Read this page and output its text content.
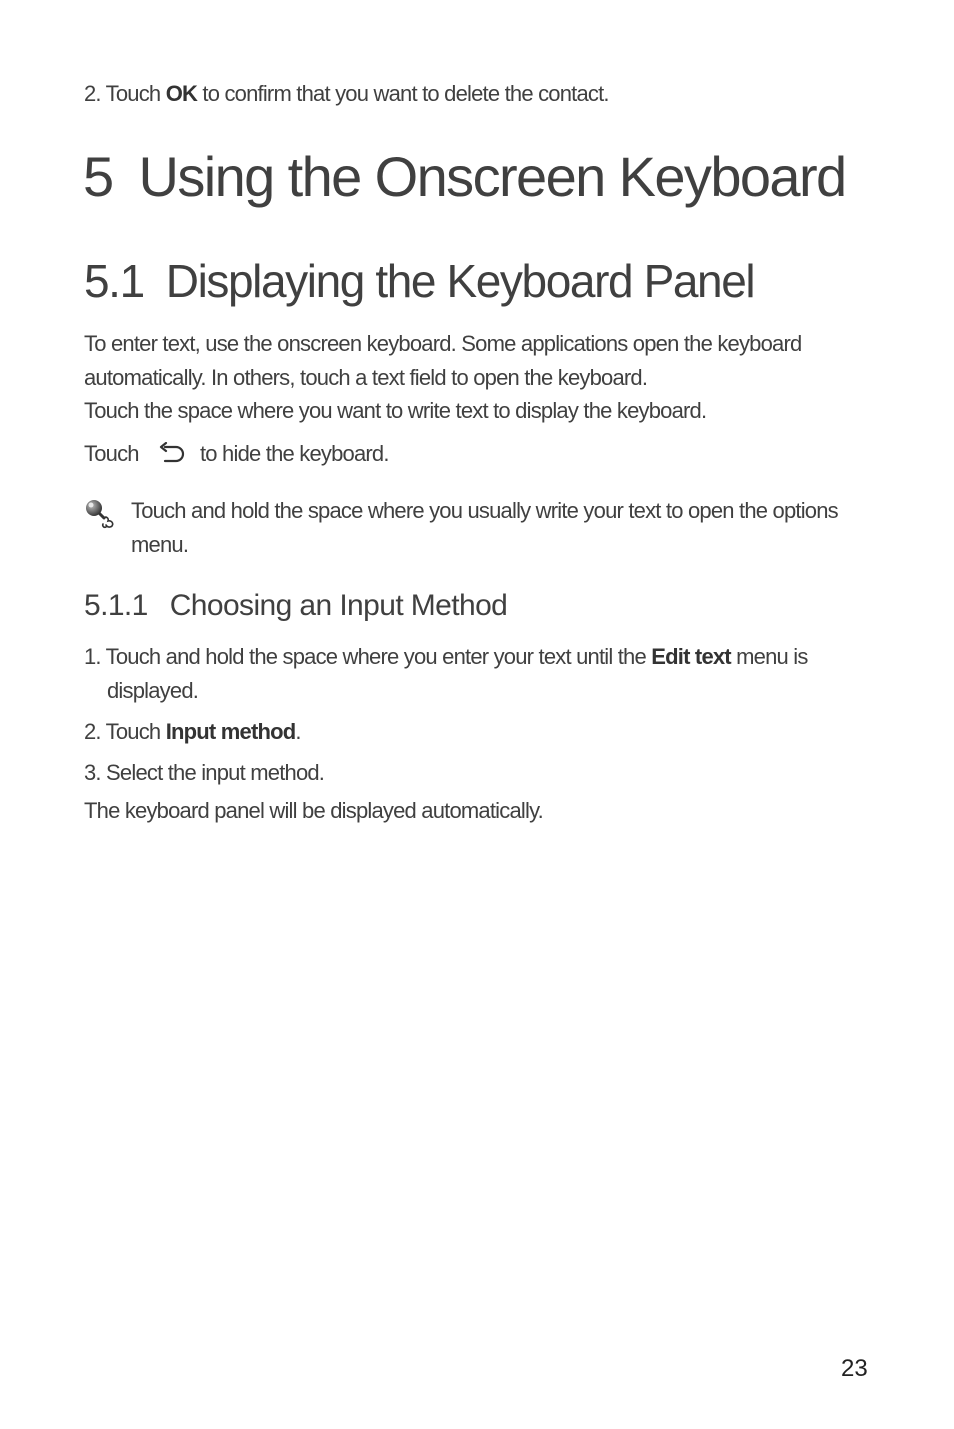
2. Touch OK to confirm that you want to delete the contact.
5 Using the Onscreen Keyboard
5.1 Displaying the Keyboard Panel
To enter text, use the onscreen keyboard. Some applications open the keyboard
automatically. In others, touch a text field to open the keyboard.
Touch the space where you want to write text to display the keyboard.
Touch	to hide the keyboard.
Touch and hold the space where you usually write your text to open the options
menu.
5.1.1 Choosing an Input Method
1. Touch and hold the space where you enter your text until the Edit text menu is
displayed.
2. Touch Input method.
3. Select the input method.
The keyboard panel will be displayed automatically.
23
